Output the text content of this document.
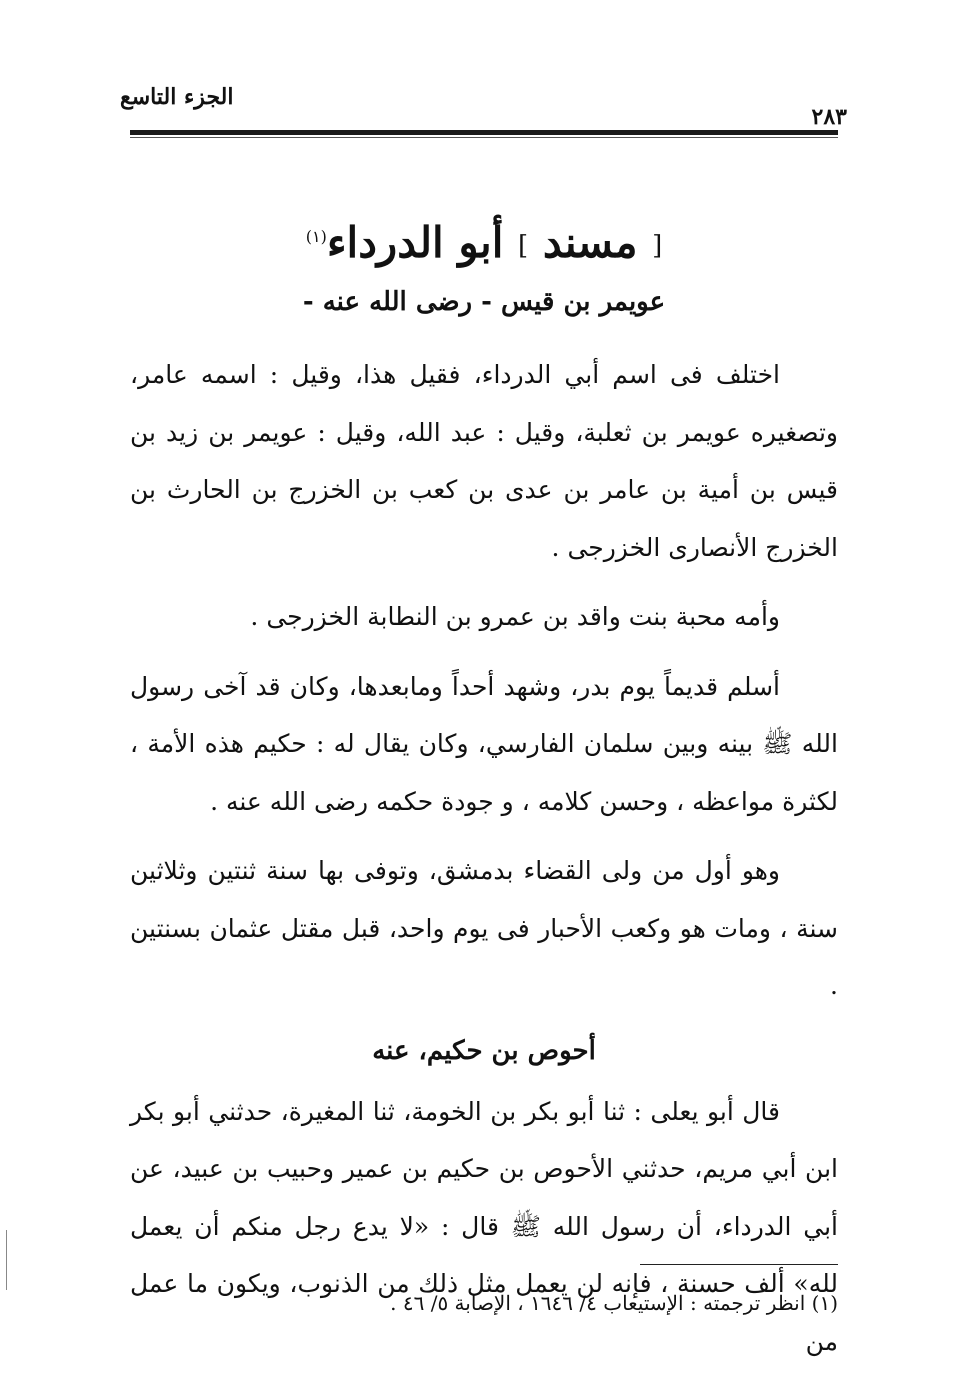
الجزء التاسع
٢٨٣
[ مسند ] أبو الدرداء$^{(١)}$
عويمر بن قيس - رضى الله عنه -

اختلف فى اسم أبي الدرداء، فقيل هذا، وقيل : اسمه عامر، وتصغيره عويمر بن ثعلبة، وقيل : عبد الله، وقيل : عويمر بن زيد بن قيس بن أمية بن عامر بن عدى بن كعب بن الخزرج بن الحارث بن الخزرج الأنصارى الخزرجى .

وأمه محبة بنت واقد بن عمرو بن النطابة الخزرجى .

أسلم قديماً يوم بدر، وشهد أحداً ومابعدها، وكان قد آخى رسول الله ﷺ بينه وبين سلمان الفارسي، وكان يقال له : حكيم هذه الأمة ، لكثرة مواعظه ، وحسن كلامه ، و جودة حكمه رضى الله عنه .

وهو أول من ولى القضاء بدمشق، وتوفى بها سنة ثنتين وثلاثين سنة ، ومات هو وكعب الأحبار فى يوم واحد، قبل مقتل عثمان بسنتين .

أحوص بن حكيم، عنه

قال أبو يعلى : ثنا أبو بكر بن الخومة، ثنا المغيرة، حدثني أبو بكر ابن أبي مريم، حدثني الأحوص بن حكيم بن عمير وحبيب بن عبيد، عن أبي الدرداء، أن رسول الله ﷺ قال : «لا يدع رجل منكم أن يعمل لله» ألف حسنة ، فإنه لن يعمل مثل ذلك من الذنوب، ويكون ما عمل من

(١) انظر ترجمته : الإستيعاب ٤/ ١٦٤٦ ، الإصابة ٥/ ٤٦ .
